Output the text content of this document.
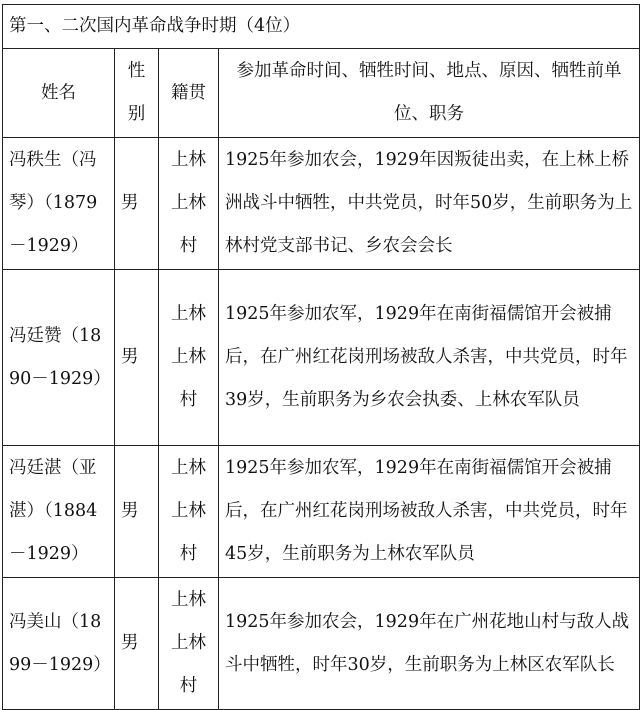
第一、二次国内革命战争时期（4位）			
姓名	性别	籍贯	参加革命时间、牺牲时间、地点、原因、牺牲前单位、职务
冯秩生（冯琴）（1879－1929）	男	上林上林村	1925年参加农会，1929年因叛徒出卖，在上林上桥洲战斗中牺牲，中共党员，时年50岁，生前职务为上林村党支部书记、乡农会会长
冯廷赞（1890－1929）	男	上林上林村	1925年参加农军，1929年在南街福儒馆开会被捕后，在广州红花岗刑场被敌人杀害，中共党员，时年39岁，生前职务为乡农会执委、上林农军队员
冯廷湛（亚湛）（1884－1929）	男	上林上林村	1925年参加农军，1929年在南街福儒馆开会被捕后，在广州红花岗刑场被敌人杀害，中共党员，时年45岁，生前职务为上林农军队员
冯美山（1899－1929）	男	上林上林村	1925年参加农会，1929年在广州花地山村与敌人战斗中牺牲，时年30岁，生前职务为上林区农军队长
